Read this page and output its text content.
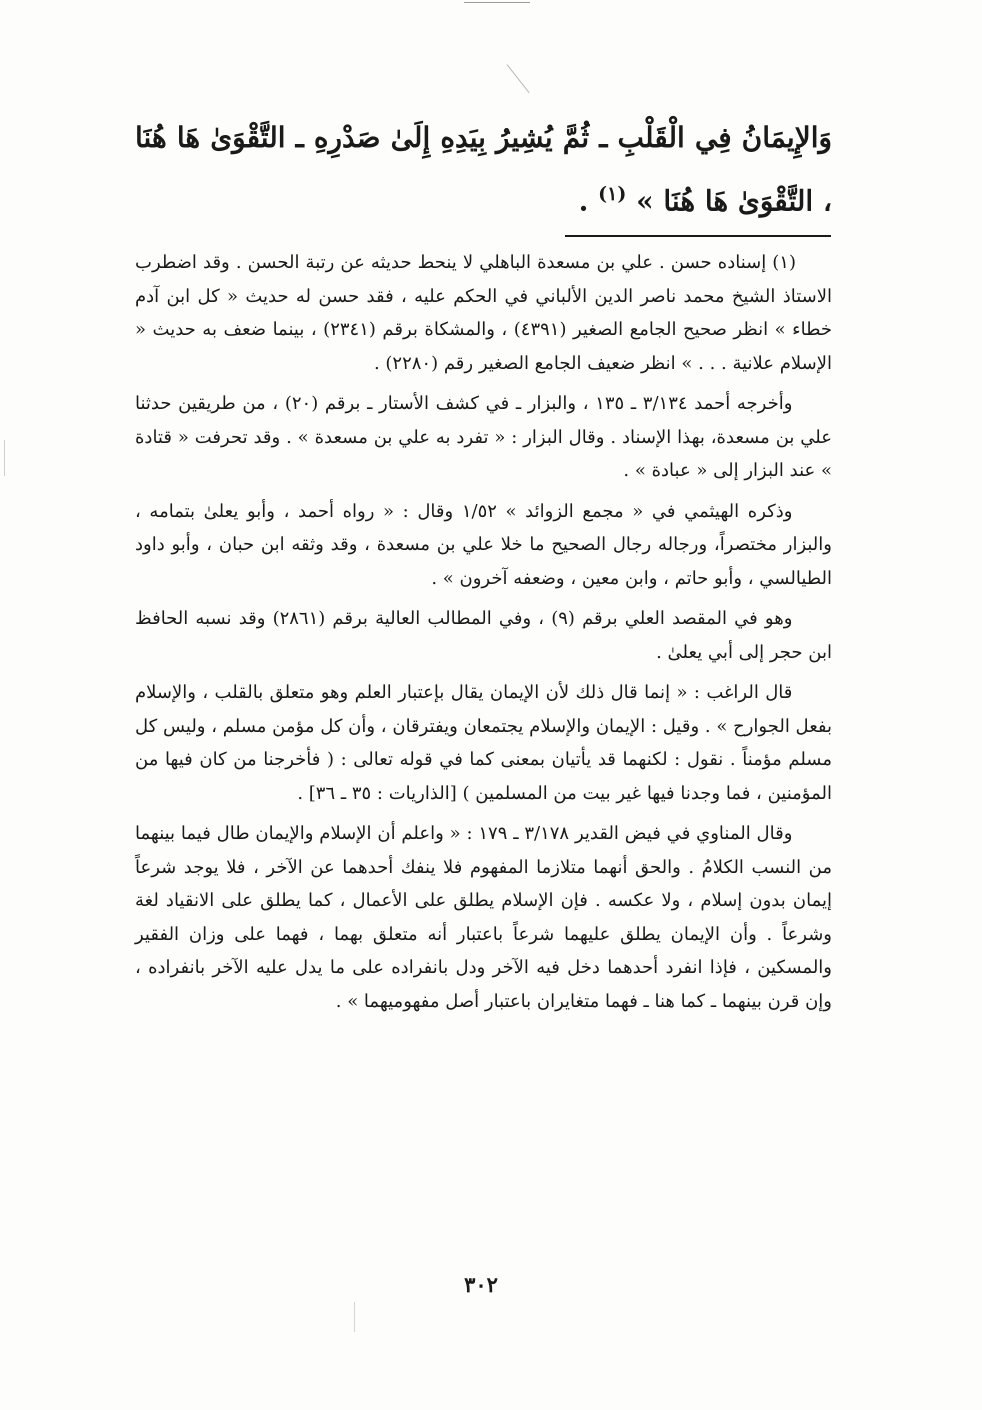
وَالإِيمَانُ فِي الْقَلْبِ ـ ثُمَّ يُشِيرُ بِيَدِهِ إِلَىٰ صَدْرِهِ ـ التَّقْوَىٰ هَا هُنَا ، التَّقْوَىٰ هَا هُنَا » $^{(١)}$ .

(١) إسناده حسن . علي بن مسعدة الباهلي لا ينحط حديثه عن رتبة الحسن . وقد اضطرب الاستاذ الشيخ محمد ناصر الدين الألباني في الحكم عليه ، فقد حسن له حديث « كل ابن آدم خطاء » انظر صحيح الجامع الصغير (٤٣٩١) ، والمشكاة برقم (٢٣٤١) ، بينما ضعف به حديث « الإسلام علانية . . . » انظر ضعيف الجامع الصغير رقم (٢٢٨٠) .

وأخرجه أحمد ٣/١٣٤ ـ ١٣٥ ، والبزار ـ في كشف الأستار ـ برقم (٢٠) ، من طريقين حدثنا علي بن مسعدة، بهذا الإسناد . وقال البزار : « تفرد به علي بن مسعدة » . وقد تحرفت « قتادة » عند البزار إلى « عبادة » .

وذكره الهيثمي في « مجمع الزوائد » ١/٥٢ وقال : « رواه أحمد ، وأبو يعلىٰ بتمامه ، والبزار مختصراً، ورجاله رجال الصحيح ما خلا علي بن مسعدة ، وقد وثقه ابن حبان ، وأبو داود الطيالسي ، وأبو حاتم ، وابن معين ، وضعفه آخرون » .

وهو في المقصد العلي برقم (٩) ، وفي المطالب العالية برقم (٢٨٦١) وقد نسبه الحافظ ابن حجر إلى أبي يعلىٰ .

قال الراغب : « إنما قال ذلك لأن الإيمان يقال بإعتبار العلم وهو متعلق بالقلب ، والإسلام بفعل الجوارح » . وقيل : الإيمان والإسلام يجتمعان ويفترقان ، وأن كل مؤمن مسلم ، وليس كل مسلم مؤمناً . نقول : لكنهما قد يأتيان بمعنى كما في قوله تعالى : ( فأخرجنا من كان فيها من المؤمنين ، فما وجدنا فيها غير بيت من المسلمين ) [الذاريات : ٣٥ ـ ٣٦] .

وقال المناوي في فيض القدير ٣/١٧٨ ـ ١٧٩ : « واعلم أن الإسلام والإيمان طال فيما بينهما من النسب الكلامُ . والحق أنهما متلازما المفهوم فلا ينفك أحدهما عن الآخر ، فلا يوجد شرعاً إيمان بدون إسلام ، ولا عكسه . فإن الإسلام يطلق على الأعمال ، كما يطلق على الانقياد لغة وشرعاً . وأن الإيمان يطلق عليهما شرعاً باعتبار أنه متعلق بهما ، فهما على وزان الفقير والمسكين ، فإذا انفرد أحدهما دخل فيه الآخر ودل بانفراده على ما يدل عليه الآخر بانفراده ، وإن قرن بينهما ـ كما هنا ـ فهما متغايران باعتبار أصل مفهوميهما » .

٣٠٢
